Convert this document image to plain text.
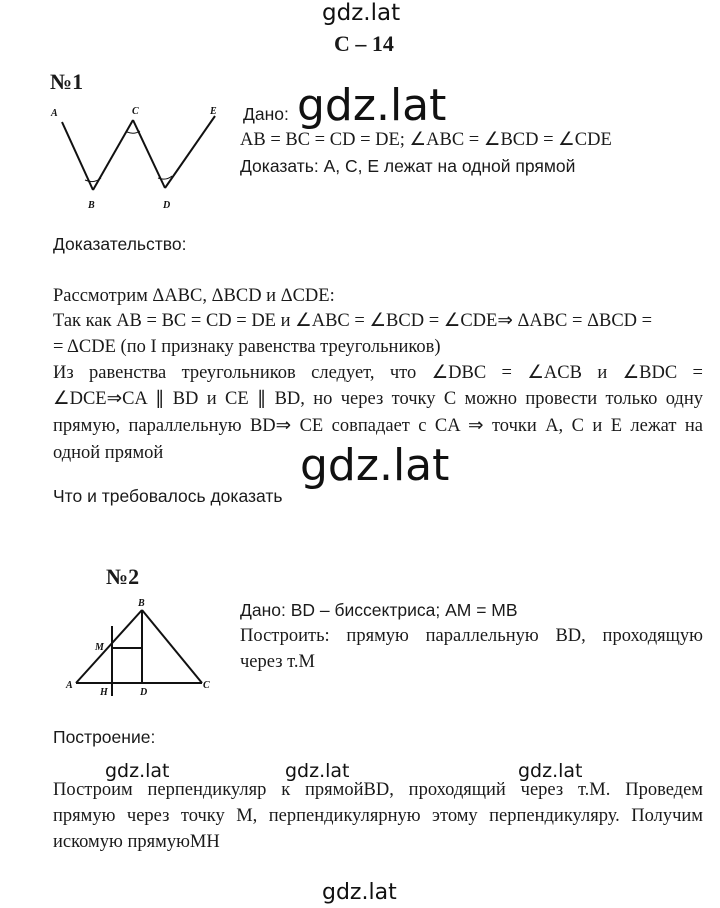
gdz.lat
С – 14
№1
A
B
C
D
E Дано: gdz.lat
AB = BC = CD = DE; ∠ABC = ∠BCD = ∠CDE
Доказать: A, C, E лежат на одной прямой
Доказательство:
Рассмотрим ΔABC, ΔBCD и ΔCDE:
Так как AB = BC = CD = DE и ∠ABC = ∠BCD = ∠CDE⇒ ΔABC = ΔBCD =
= ΔCDE (по I признаку равенства треугольников)
Из равенства треугольников следует, что ∠DBC = ∠ACB и ∠BDC =
∠DCE⇒CA ∥ BD и CE ∥ BD, но через точку C можно провести только одну
прямую, параллельную BD⇒ CE совпадает с CA ⇒ точки A, C и E лежат на
одной прямой	gdz.lat
Что и требовалось доказать
№2
B
M
A
H	D
C
Дано: BD – биссектриса; AM = MB
Построить: прямую параллельную BD, проходящую
через т.M
Построение:
gdz.lat	gdz.lat	gdz.lat
Построим перпендикуляр к прямойBD, проходящий через т.M. Проведем
прямую через точку M, перпендикулярную этому перпендикуляру. Получим
искомую прямуюMH
gdz.lat
